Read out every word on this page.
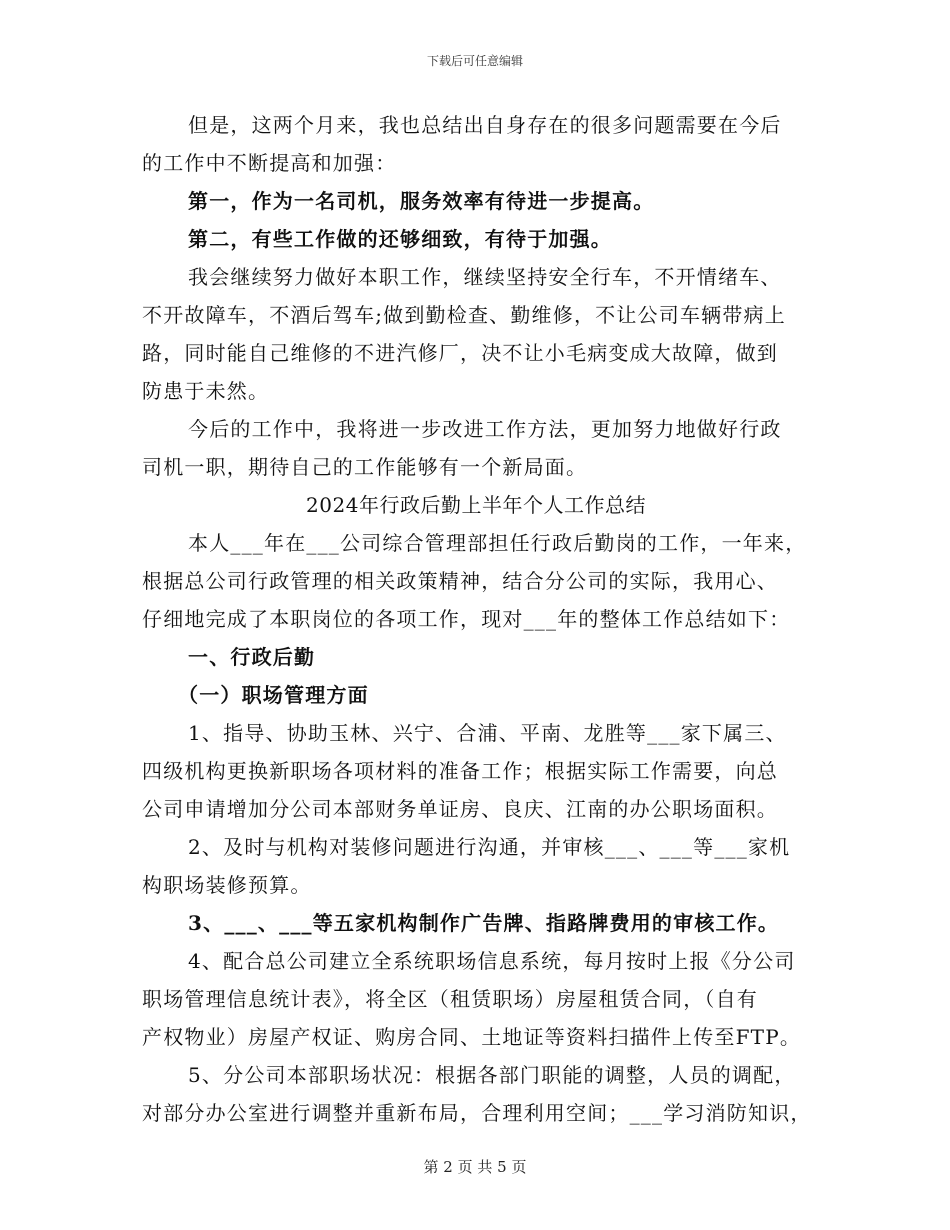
下载后可任意编辑
但是，这两个月来，我也总结出自身存在的很多问题需要在今后
的工作中不断提高和加强：
第一，作为一名司机，服务效率有待进一步提高。
第二，有些工作做的还够细致，有待于加强。
我会继续努力做好本职工作，继续坚持安全行车，不开情绪车、
不开故障车，不酒后驾车;做到勤检查、勤维修，不让公司车辆带病上
路，同时能自己维修的不进汽修厂，决不让小毛病变成大故障，做到
防患于未然。
今后的工作中，我将进一步改进工作方法，更加努力地做好行政
司机一职，期待自己的工作能够有一个新局面。
2024年行政后勤上半年个人工作总结
本人___年在___公司综合管理部担任行政后勤岗的工作，一年来，
根据总公司行政管理的相关政策精神，结合分公司的实际，我用心、
仔细地完成了本职岗位的各项工作，现对___年的整体工作总结如下：
一、行政后勤
（一）职场管理方面
1、指导、协助玉林、兴宁、合浦、平南、龙胜等___家下属三、
四级机构更换新职场各项材料的准备工作；根据实际工作需要，向总
公司申请增加分公司本部财务单证房、良庆、江南的办公职场面积。
2、及时与机构对装修问题进行沟通，并审核___、___等___家机
构职场装修预算。
3、___、___等五家机构制作广告牌、指路牌费用的审核工作。
4、配合总公司建立全系统职场信息系统，每月按时上报《分公司
职场管理信息统计表》，将全区（租赁职场）房屋租赁合同，（自有
产权物业）房屋产权证、购房合同、土地证等资料扫描件上传至FTP。
5、分公司本部职场状况：根据各部门职能的调整，人员的调配，
对部分办公室进行调整并重新布局，合理利用空间；___学习消防知识，
第 2 页 共 5 页
